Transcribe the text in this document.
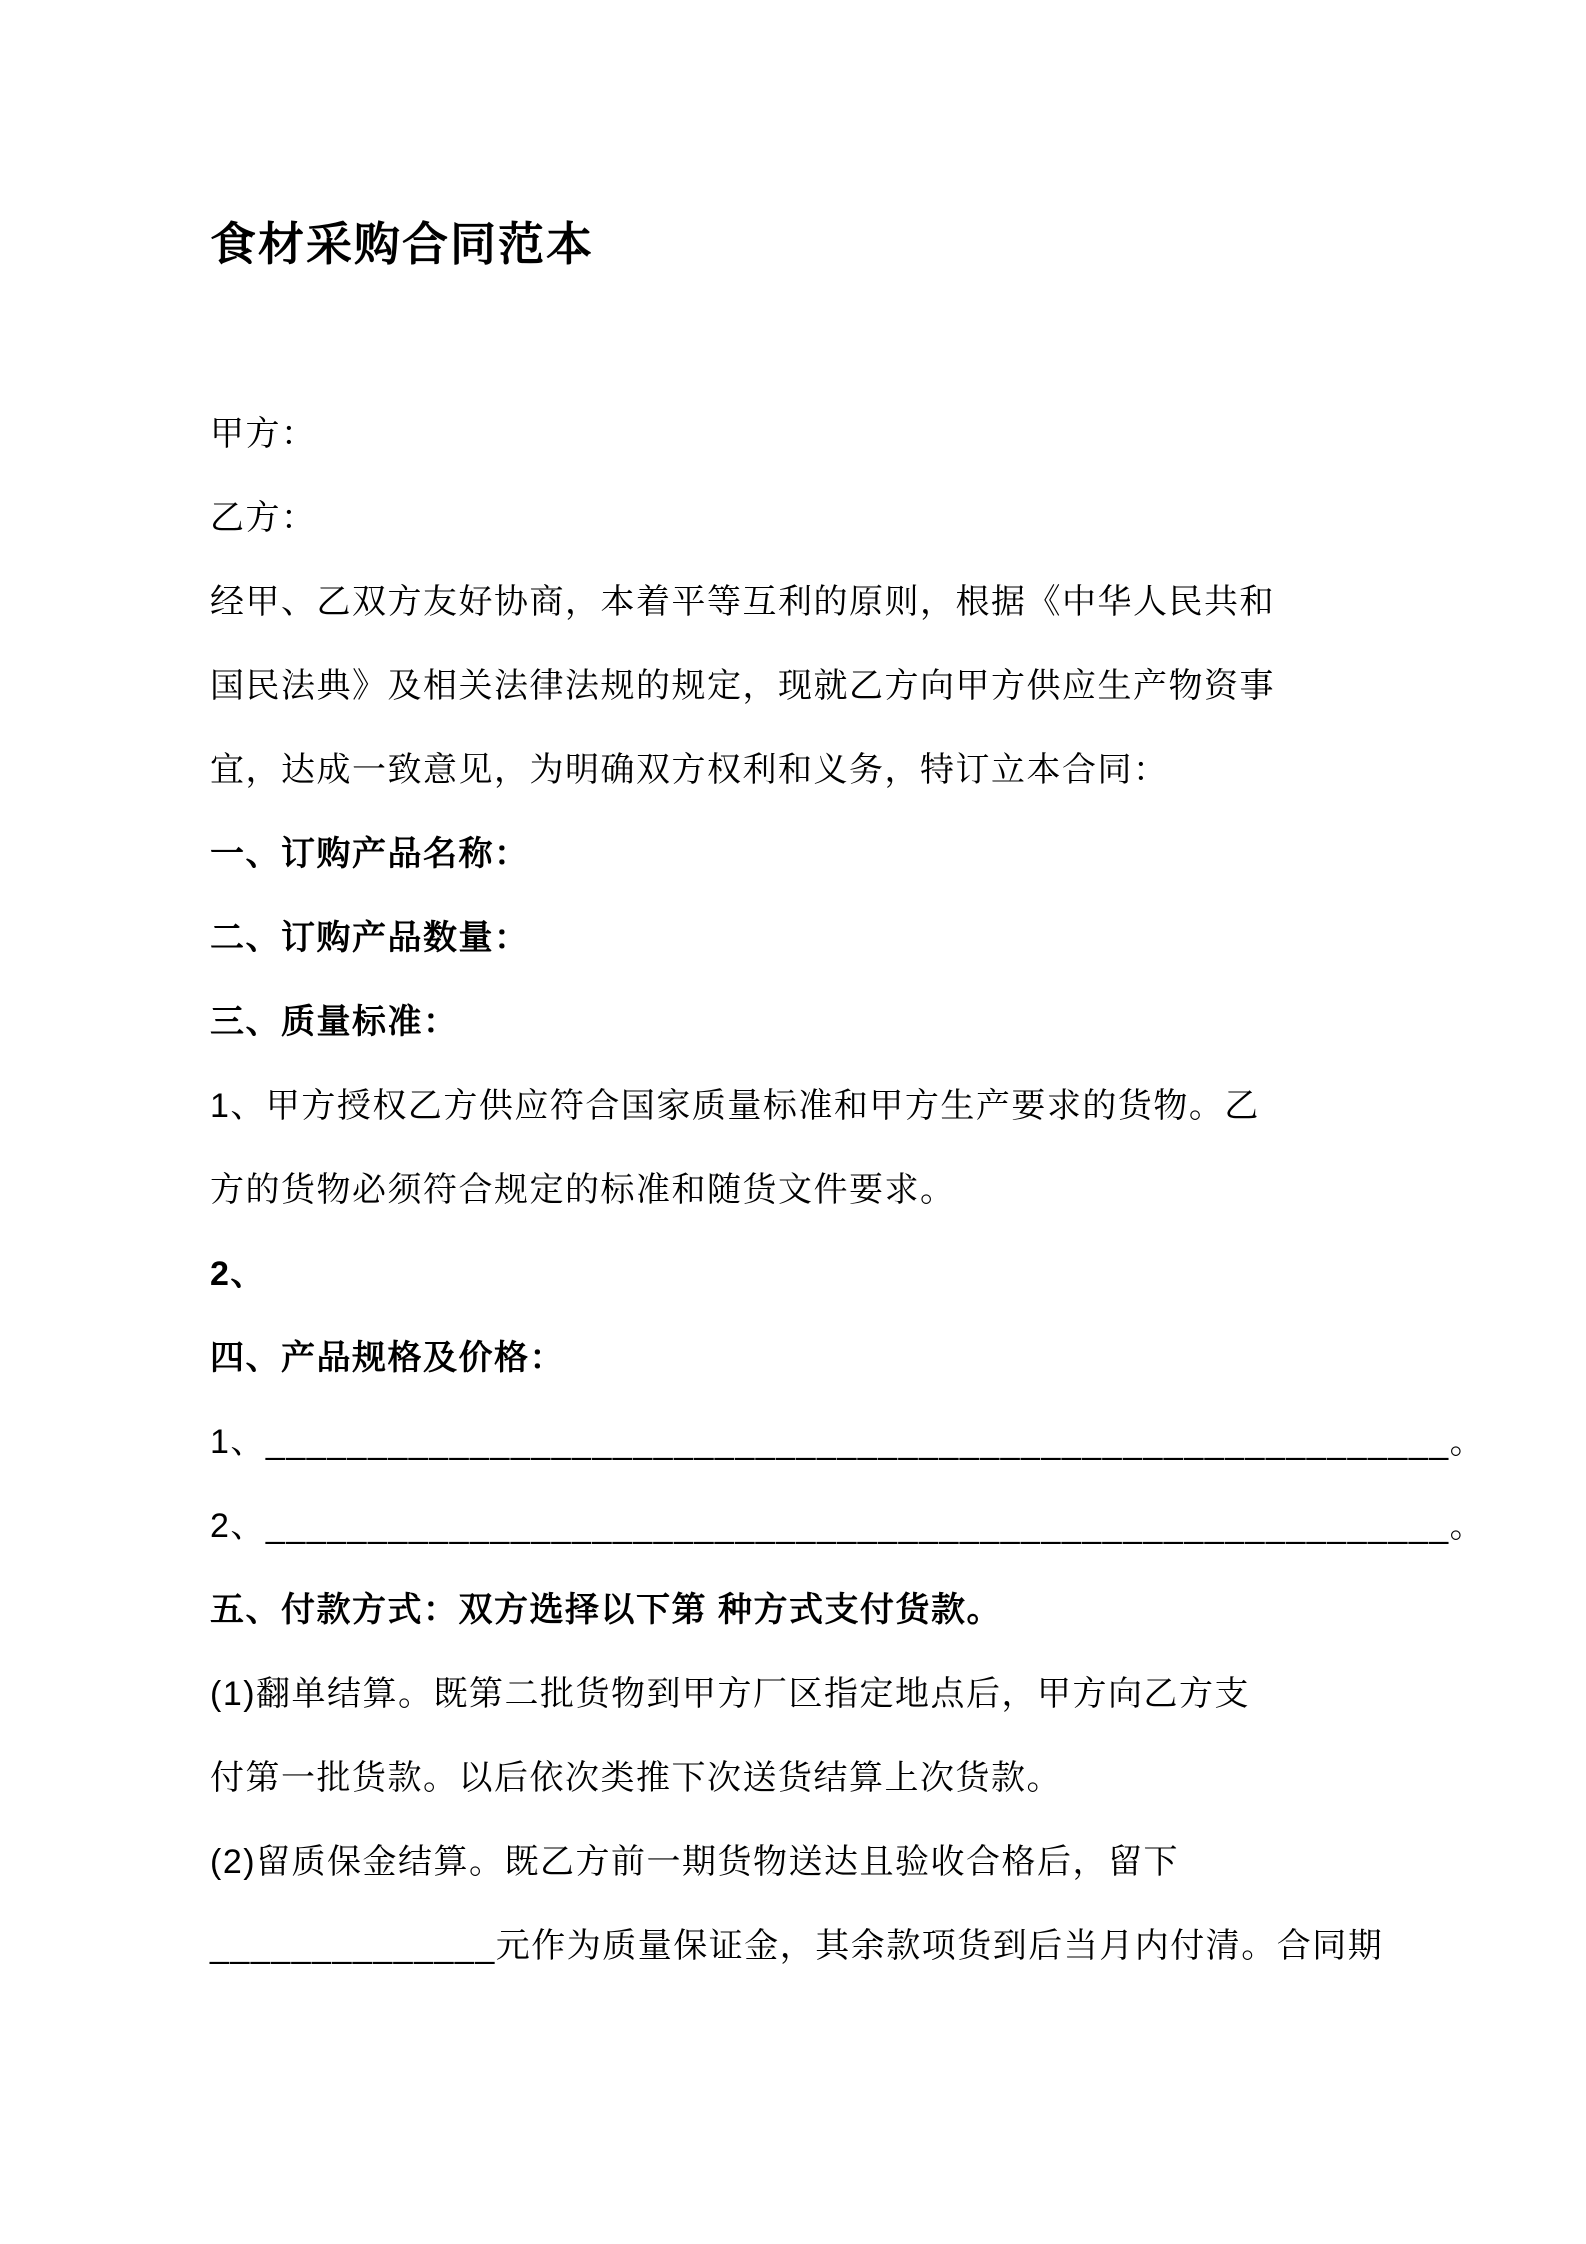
食材采购合同范本
甲方：
乙方：
经甲、乙双方友好协商，本着平等互利的原则，根据《中华人民共和
国民法典》及相关法律法规的规定，现就乙方向甲方供应生产物资事
宜，达成一致意见，为明确双方权利和义务，特订立本合同：
一、订购产品名称：
二、订购产品数量：
三、质量标准：
1、甲方授权乙方供应符合国家质量标准和甲方生产要求的货物。乙
方的货物必须符合规定的标准和随货文件要求。
2、
四、产品规格及价格：
1、__________________________________________________________。
2、__________________________________________________________。
五、付款方式：双方选择以下第 种方式支付货款。
(1)翻单结算。既第二批货物到甲方厂区指定地点后，甲方向乙方支
付第一批货款。以后依次类推下次送货结算上次货款。
(2)留质保金结算。既乙方前一期货物送达且验收合格后，留下
______________元作为质量保证金，其余款项货到后当月内付清。合同期
